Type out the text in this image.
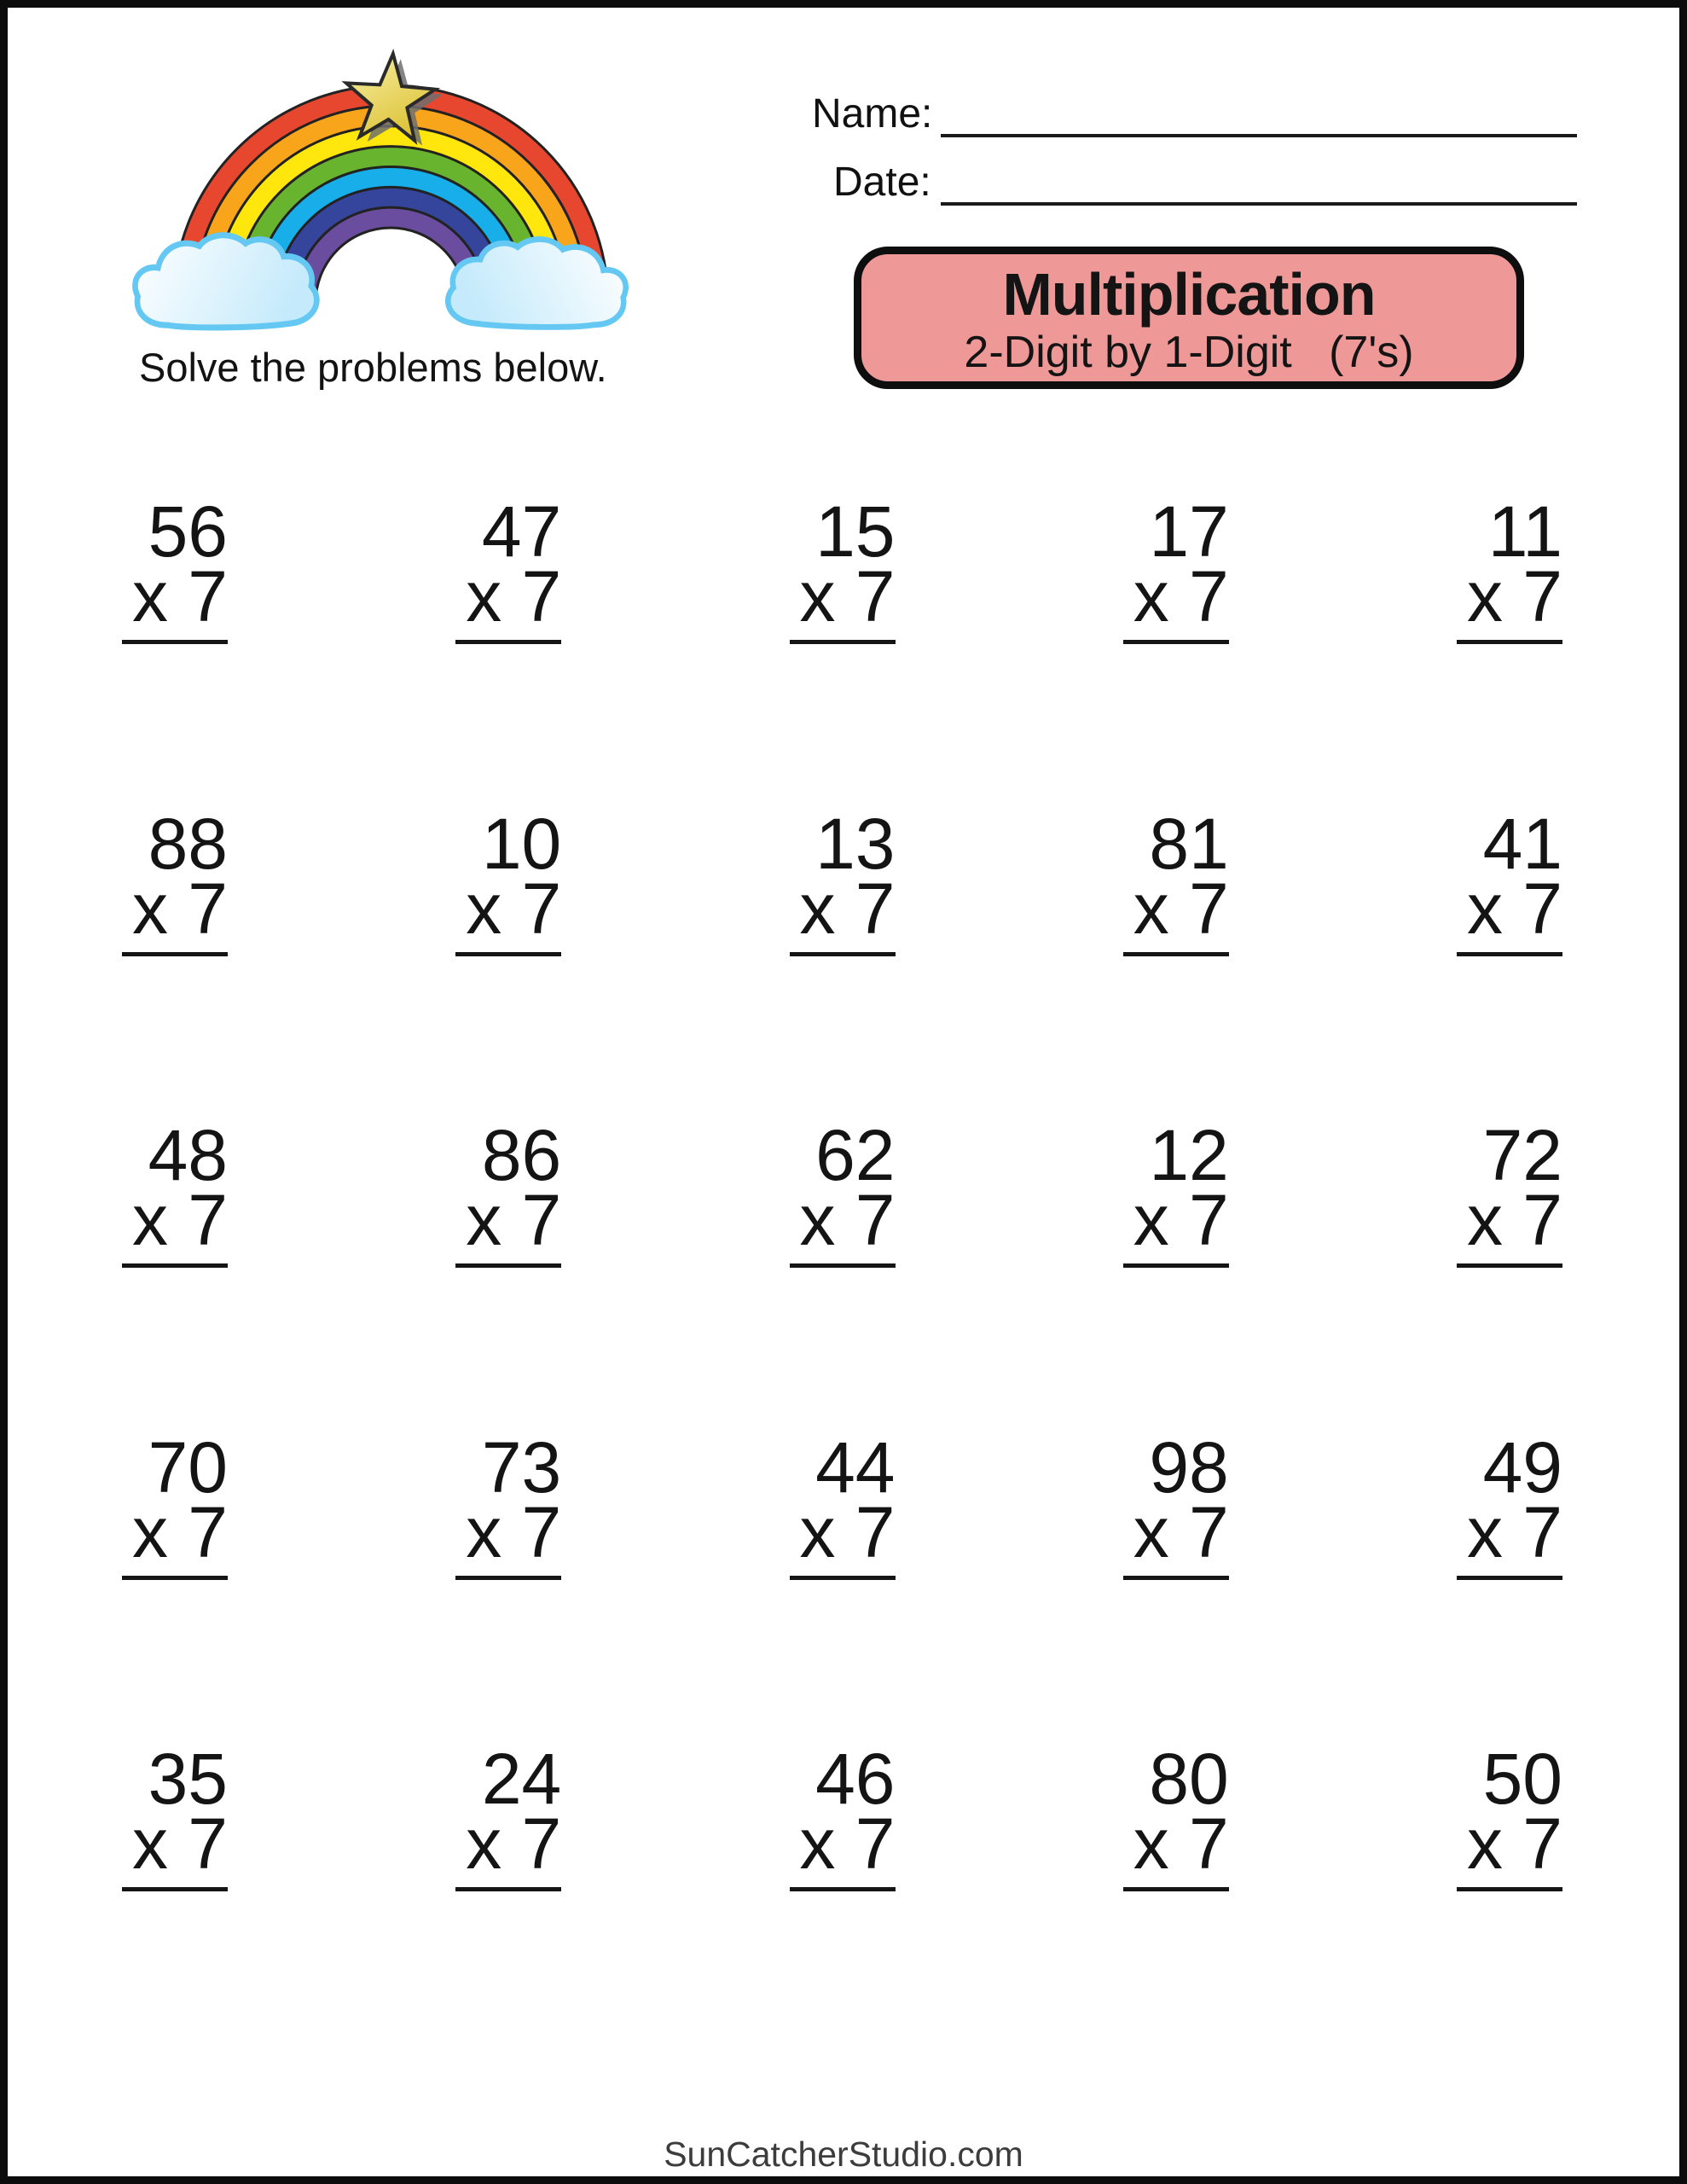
Solve the problems below.
Name:
Date:
Multiplication
2-Digit by 1-Digit   (7's)
56
x 7
47
x 7
15
x 7
17
x 7
11
x 7
88
x 7
10
x 7
13
x 7
81
x 7
41
x 7
48
x 7
86
x 7
62
x 7
12
x 7
72
x 7
70
x 7
73
x 7
44
x 7
98
x 7
49
x 7
35
x 7
24
x 7
46
x 7
80
x 7
50
x 7
SunCatcherStudio.com
